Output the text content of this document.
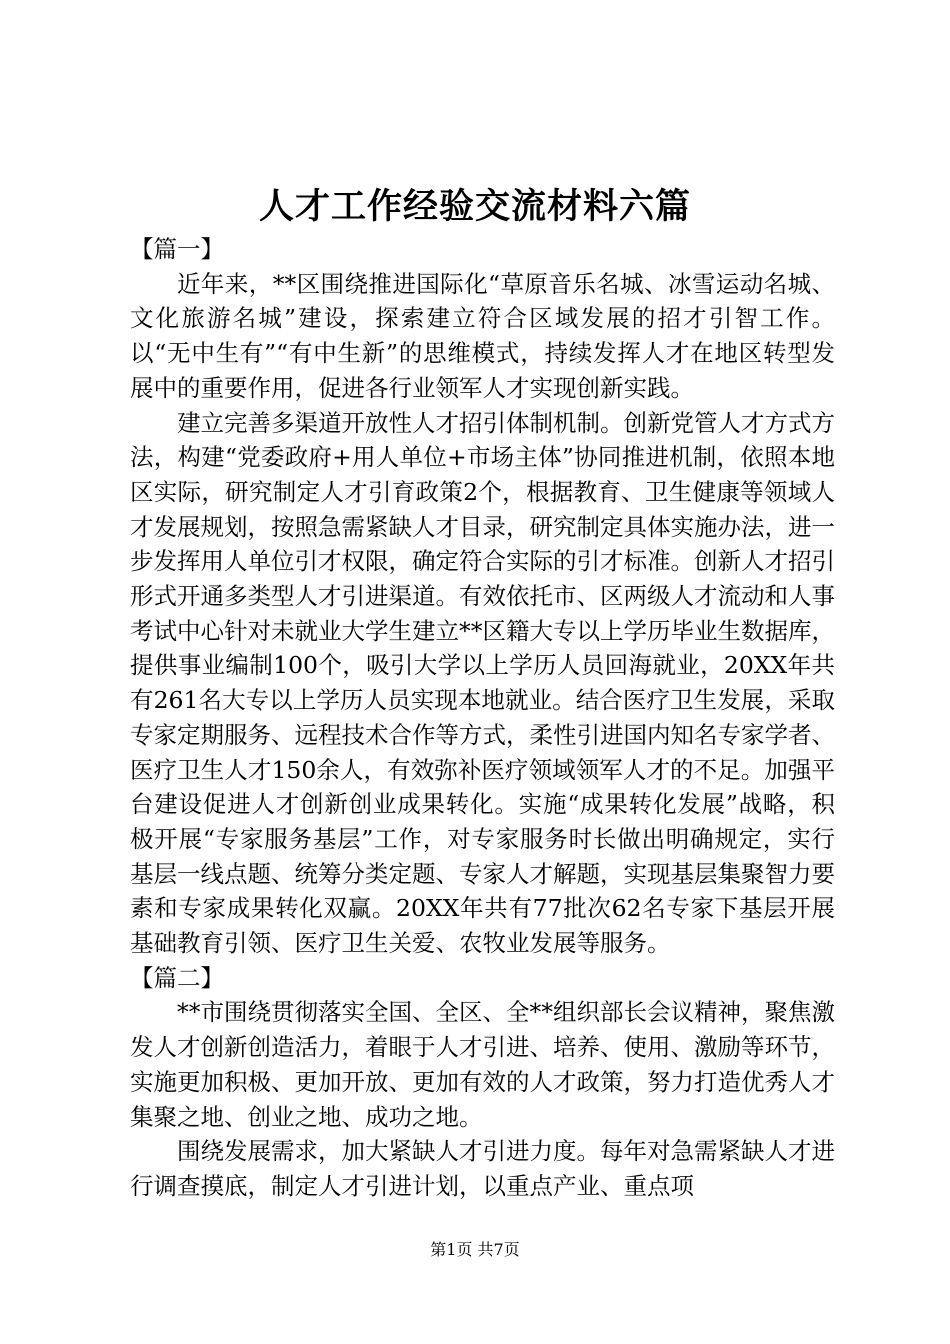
人才工作经验交流材料六篇

【篇一】

近年来，**区围绕推进国际化“草原音乐名城、冰雪运动名城、文化旅游名城”建设，探索建立符合区域发展的招才引智工作。以“无中生有”“有中生新”的思维模式，持续发挥人才在地区转型发展中的重要作用，促进各行业领军人才实现创新实践。

建立完善多渠道开放性人才招引体制机制。创新党管人才方式方法，构建“党委政府+用人单位+市场主体”协同推进机制，依照本地区实际，研究制定人才引育政策2个，根据教育、卫生健康等领域人才发展规划，按照急需紧缺人才目录，研究制定具体实施办法，进一步发挥用人单位引才权限，确定符合实际的引才标准。创新人才招引形式开通多类型人才引进渠道。有效依托市、区两级人才流动和人事考试中心针对未就业大学生建立**区籍大专以上学历毕业生数据库，提供事业编制100个，吸引大学以上学历人员回海就业，20XX年共有261名大专以上学历人员实现本地就业。结合医疗卫生发展，采取专家定期服务、远程技术合作等方式，柔性引进国内知名专家学者、医疗卫生人才150余人，有效弥补医疗领域领军人才的不足。加强平台建设促进人才创新创业成果转化。实施“成果转化发展”战略，积极开展“专家服务基层”工作，对专家服务时长做出明确规定，实行基层一线点题、统筹分类定题、专家人才解题，实现基层集聚智力要素和专家成果转化双赢。20XX年共有77批次62名专家下基层开展基础教育引领、医疗卫生关爱、农牧业发展等服务。

【篇二】

**市围绕贯彻落实全国、全区、全**组织部长会议精神，聚焦激发人才创新创造活力，着眼于人才引进、培养、使用、激励等环节，实施更加积极、更加开放、更加有效的人才政策，努力打造优秀人才集聚之地、创业之地、成功之地。

围绕发展需求，加大紧缺人才引进力度。每年对急需紧缺人才进行调查摸底，制定人才引进计划，以重点产业、重点项

第1页 共7页
